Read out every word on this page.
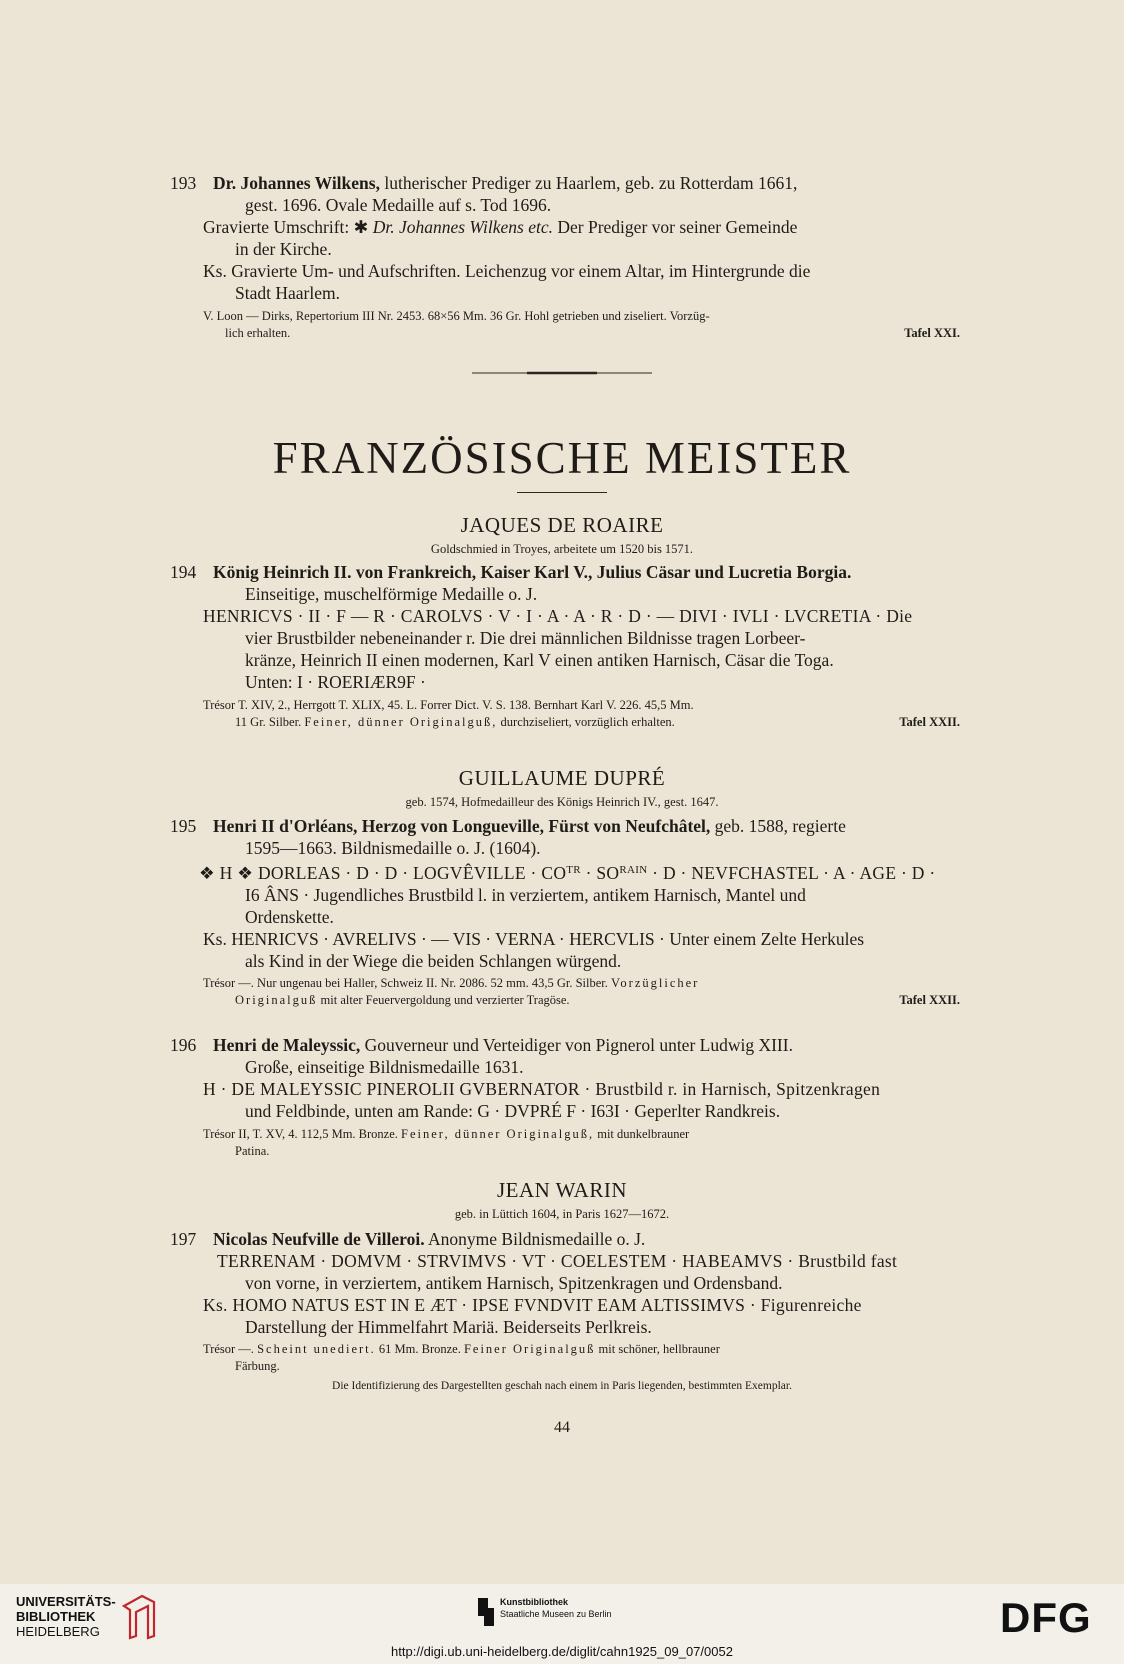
193 Dr. Johannes Wilkens, lutherischer Prediger zu Haarlem, geb. zu Rotterdam 1661,
gest. 1696. Ovale Medaille auf s. Tod 1696.
Gravierte Umschrift: ✱ Dr. Johannes Wilkens etc. Der Prediger vor seiner Gemeinde
in der Kirche.
Ks. Gravierte Um- und Aufschriften. Leichenzug vor einem Altar, im Hintergrunde die
Stadt Haarlem.
V. Loon — Dirks, Repertorium III Nr. 2453. 68×56 Mm. 36 Gr. Hohl getrieben und ziseliert. Vorzüg-
lich erhalten.	Tafel XXI.
FRANZÖSISCHE MEISTER
JAQUES DE ROAIRE
Goldschmied in Troyes, arbeitete um 1520 bis 1571.
194 König Heinrich II. von Frankreich, Kaiser Karl V., Julius Cäsar und Lucretia Borgia.
Einseitige, muschelförmige Medaille o. J.
HENRICVS · II · F — R · CAROLVS · V · I · A · A · R · D · — DIVI · IVLI · LVCRETIA · Die
vier Brustbilder nebeneinander r. Die drei männlichen Bildnisse tragen Lorbeer-
kränze, Heinrich II einen modernen, Karl V einen antiken Harnisch, Cäsar die Toga.
Unten: I · ROERIÆR9F ·
Trésor T. XIV, 2., Herrgott T. XLIX, 45. L. Forrer Dict. V. S. 138. Bernhart Karl V. 226. 45,5 Mm.
11 Gr. Silber. Feiner, dünner Originalguß, durchziseliert, vorzüglich erhalten.	Tafel XXII.
GUILLAUME DUPRÉ
geb. 1574, Hofmedailleur des Königs Heinrich IV., gest. 1647.
195 Henri II d'Orléans, Herzog von Longueville, Fürst von Neufchâtel, geb. 1588, regierte
1595—1663. Bildnismedaille o. J. (1604).
❖ H ❖ DORLEAS · D · D · LOGVÊVILLE · $CO^{TR} \cdot SO^{RAIN} \cdot D$ · NEVFCHASTEL · A · AGE · D ·
I6 ÂNS · Jugendliches Brustbild l. in verziertem, antikem Harnisch, Mantel und
Ordenskette.
Ks. HENRICVS · AVRELIVS · — VIS · VERNA · HERCVLIS · Unter einem Zelte Herkules
als Kind in der Wiege die beiden Schlangen würgend.
Trésor —. Nur ungenau bei Haller, Schweiz II. Nr. 2086. 52 mm. 43,5 Gr. Silber. Vorzüglicher
Originalguß mit alter Feuervergoldung und verzierter Tragöse.	Tafel XXII.
196 Henri de Maleyssic, Gouverneur und Verteidiger von Pignerol unter Ludwig XIII.
Große, einseitige Bildnismedaille 1631.
H · DE MALEYSSIC PINEROLII GVBERNATOR · Brustbild r. in Harnisch, Spitzenkragen
und Feldbinde, unten am Rande: G · DVPRÉ F · I63I · Geperlter Randkreis.
Trésor II, T. XV, 4. 112,5 Mm. Bronze. Feiner, dünner Originalguß, mit dunkelbrauner
Patina.
JEAN WARIN
geb. in Lüttich 1604, in Paris 1627—1672.
197 Nicolas Neufville de Villeroi. Anonyme Bildnismedaille o. J.
TERRENAM · DOMVM · STRVIMVS · VT · COELESTEM · HABEAMVS · Brustbild fast
von vorne, in verziertem, antikem Harnisch, Spitzenkragen und Ordensband.
Ks. HOMO NATUS EST IN E ÆT · IPSE FVNDVIT EAM ALTISSIMVS · Figurenreiche
Darstellung der Himmelfahrt Mariä. Beiderseits Perlkreis.
Trésor —. Scheint unediert. 61 Mm. Bronze. Feiner Originalguß mit schöner, hellbrauner
Färbung.
Die Identifizierung des Dargestellten geschah nach einem in Paris liegenden, bestimmten Exemplar.
44
UNIVERSITÄTS-
BIBLIOTHEK
HEIDELBERG
Kunstbibliothek
Staatliche Museen zu Berlin	DFG
http://digi.ub.uni-heidelberg.de/diglit/cahn1925_09_07/0052
